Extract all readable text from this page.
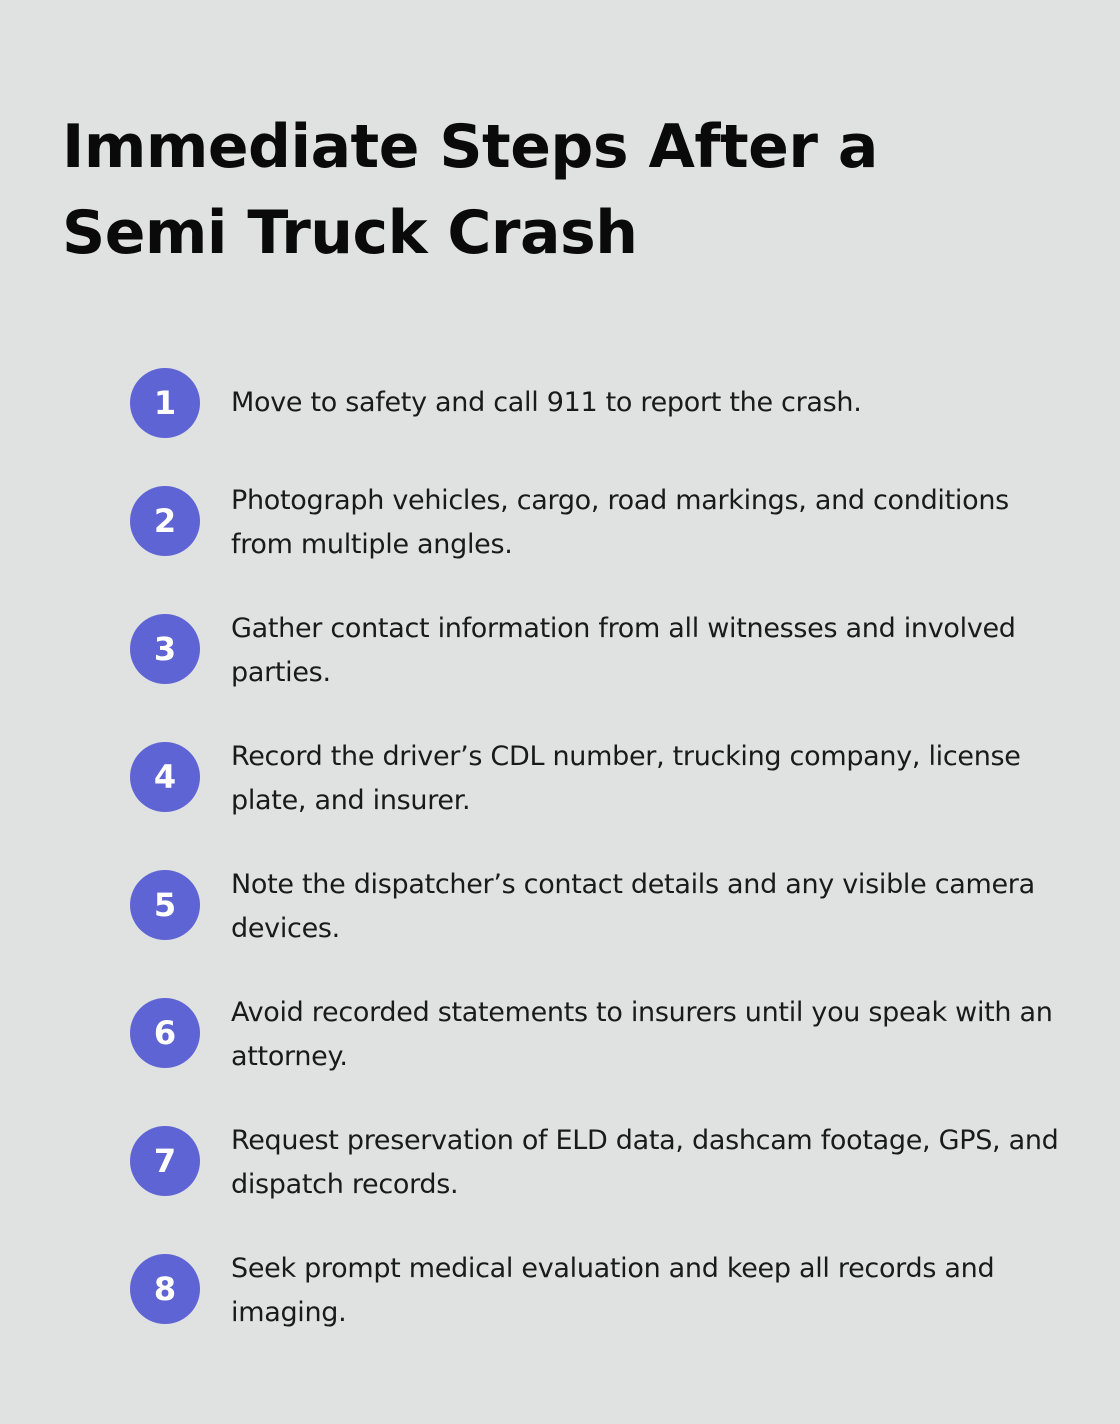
Immediate Steps After a Semi Truck Crash
1	Move to safety and call 911 to report the crash.

2

Photograph vehicles, cargo, road markings, and conditions from multiple angles.

3

Gather contact information from all witnesses and involved parties.

4

Record the driver’s CDL number, trucking company, license plate, and insurer.

5

Note the dispatcher’s contact details and any visible camera devices.

6

Avoid recorded statements to insurers until you speak with an attorney.

7

Request preservation of ELD data, dashcam footage, GPS, and dispatch records.

8

Seek prompt medical evaluation and keep all records and imaging.
